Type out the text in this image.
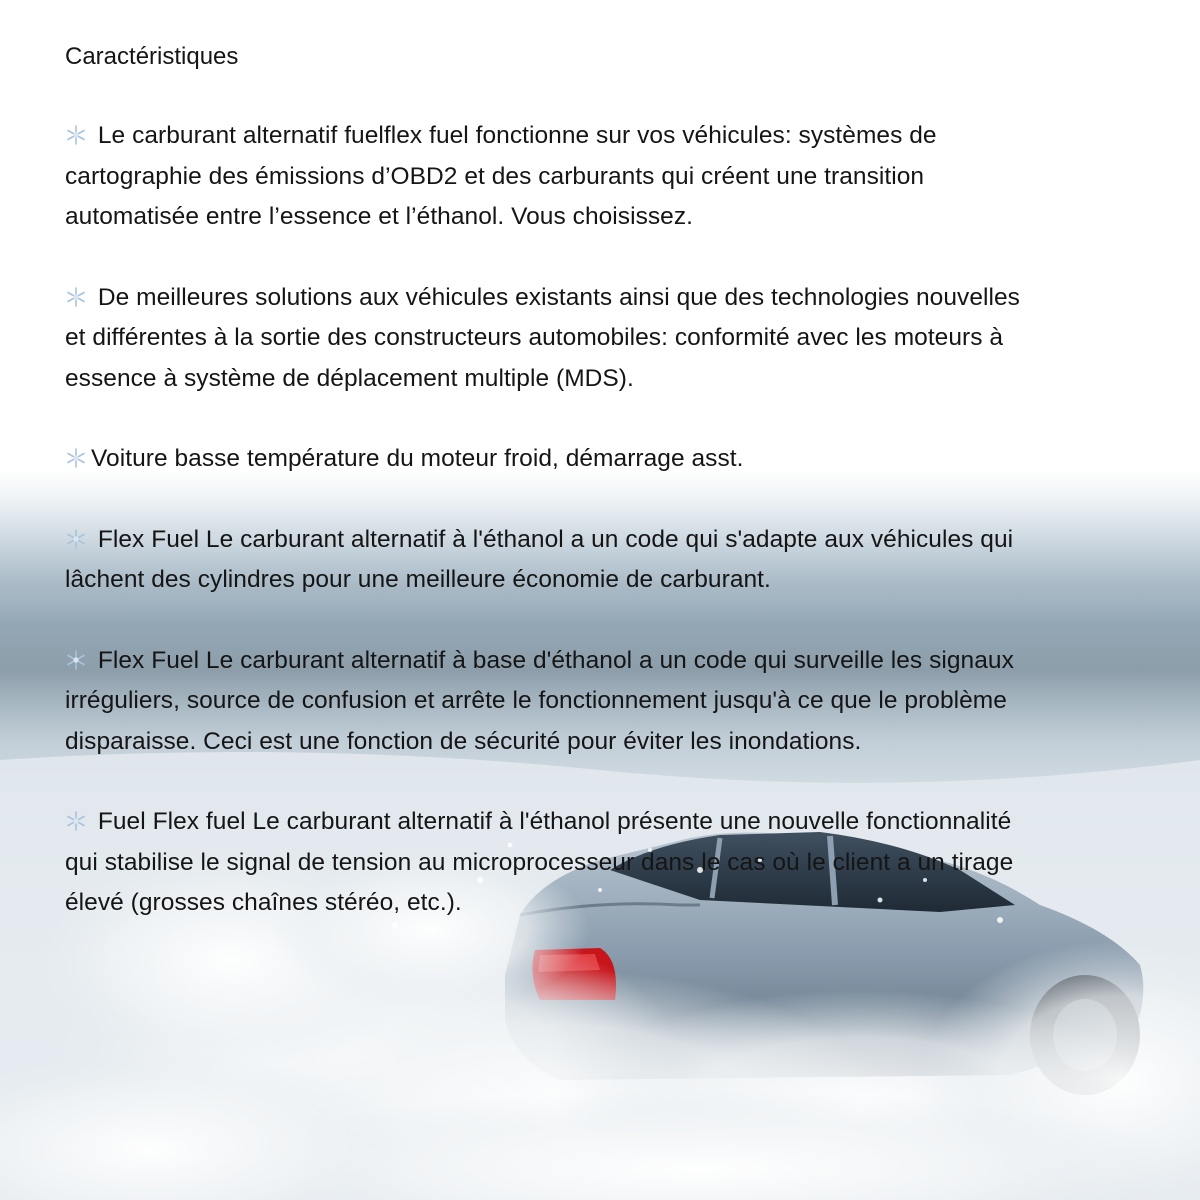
Caractéristiques
Le carburant alternatif fuelflex fuel fonctionne sur vos véhicules: systèmes de
cartographie des émissions d’OBD2 et des carburants qui créent une transition
automatisée entre l’essence et l’éthanol. Vous choisissez.
De meilleures solutions aux véhicules existants ainsi que des technologies nouvelles
et différentes à la sortie des constructeurs automobiles: conformité avec les moteurs à
essence à système de déplacement multiple (MDS).
Voiture basse température du moteur froid, démarrage asst.
Flex Fuel Le carburant alternatif à l'éthanol a un code qui s'adapte aux véhicules qui
lâchent des cylindres pour une meilleure économie de carburant.
Flex Fuel Le carburant alternatif à base d'éthanol a un code qui surveille les signaux
irréguliers, source de confusion et arrête le fonctionnement jusqu'à ce que le problème
disparaisse. Ceci est une fonction de sécurité pour éviter les inondations.
Fuel Flex fuel Le carburant alternatif à l'éthanol présente une nouvelle fonctionnalité
qui stabilise le signal de tension au microprocesseur dans le cas où le client a un tirage
élevé (grosses chaînes stéréo, etc.).
